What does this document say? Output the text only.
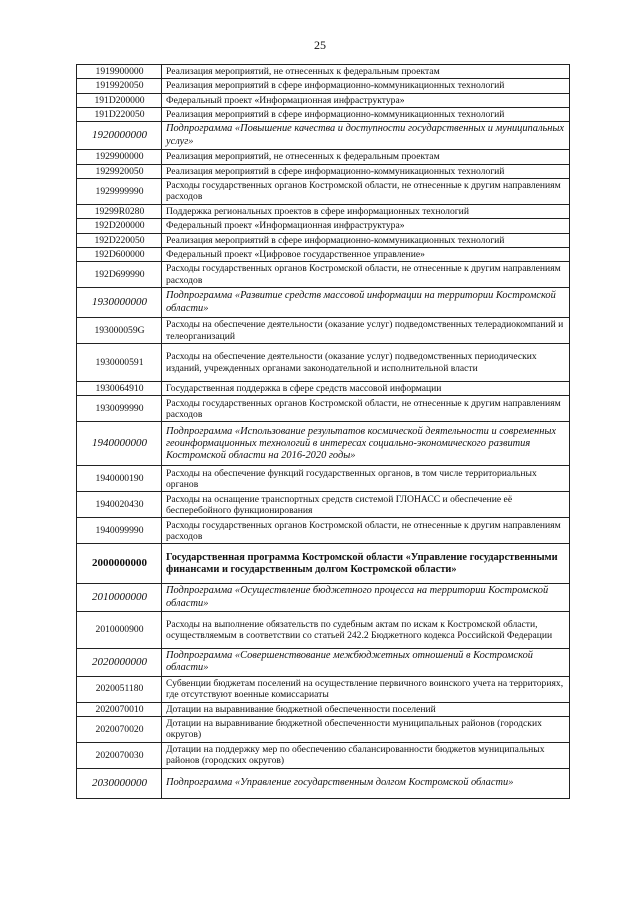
25
1919900000	Реализация мероприятий, не отнесенных к федеральным проектам
1919920050	Реализация мероприятий в сфере информационно-коммуникационных технологий
191D200000	Федеральный проект «Информационная инфраструктура»
191D220050	Реализация мероприятий в сфере информационно-коммуникационных технологий
1920000000	Подпрограмма «Повышение качества и доступности государственных и муниципальных услуг»
1929900000	Реализация мероприятий, не отнесенных к федеральным проектам
1929920050	Реализация мероприятий в сфере информационно-коммуникационных технологий
1929999990	Расходы государственных органов Костромской области, не отнесенные к другим направлениям расходов
19299R0280	Поддержка региональных проектов в сфере информационных технологий
192D200000	Федеральный проект «Информационная инфраструктура»
192D220050	Реализация мероприятий в сфере информационно-коммуникационных технологий
192D600000	Федеральный проект «Цифровое государственное управление»
192D699990	Расходы государственных органов Костромской области, не отнесенные к другим направлениям расходов
1930000000	Подпрограмма «Развитие средств массовой информации на территории Костромской области»
193000059G	Расходы на обеспечение деятельности (оказание услуг) подведомственных телерадиокомпаний и телеорганизаций
1930000591	Расходы на обеспечение деятельности (оказание услуг) подведомственных периодических изданий, учрежденных органами законодательной и исполнительной власти
1930064910	Государственная поддержка в сфере средств массовой информации
1930099990	Расходы государственных органов Костромской области, не отнесенные к другим направлениям расходов
1940000000	Подпрограмма «Использование результатов космической деятельности и современных геоинформационных технологий в интересах социально-экономического развития Костромской области на 2016-2020 годы»
1940000190	Расходы на обеспечение функций государственных органов, в том числе территориальных органов
1940020430	Расходы на оснащение транспортных средств системой ГЛОНАСС и обеспечение её бесперебойного функционирования
1940099990	Расходы государственных органов Костромской области, не отнесенные к другим направлениям расходов
2000000000	Государственная программа Костромской области «Управление государственными финансами и государственным долгом Костромской области»
2010000000	Подпрограмма «Осуществление бюджетного процесса на территории Костромской области»
2010000900	Расходы на выполнение обязательств по судебным актам по искам к Костромской области, осуществляемым в соответствии со статьей 242.2 Бюджетного кодекса Российской Федерации
2020000000	Подпрограмма «Совершенствование межбюджетных отношений в Костромской области»
2020051180	Субвенции бюджетам поселений на осуществление первичного воинского учета на территориях, где отсутствуют военные комиссариаты
2020070010	Дотации на выравнивание бюджетной обеспеченности поселений
2020070020	Дотации на выравнивание бюджетной обеспеченности муниципальных районов (городских округов)
2020070030	Дотации на поддержку мер по обеспечению сбалансированности бюджетов муниципальных районов (городских округов)
2030000000	Подпрограмма «Управление государственным долгом Костромской области»
